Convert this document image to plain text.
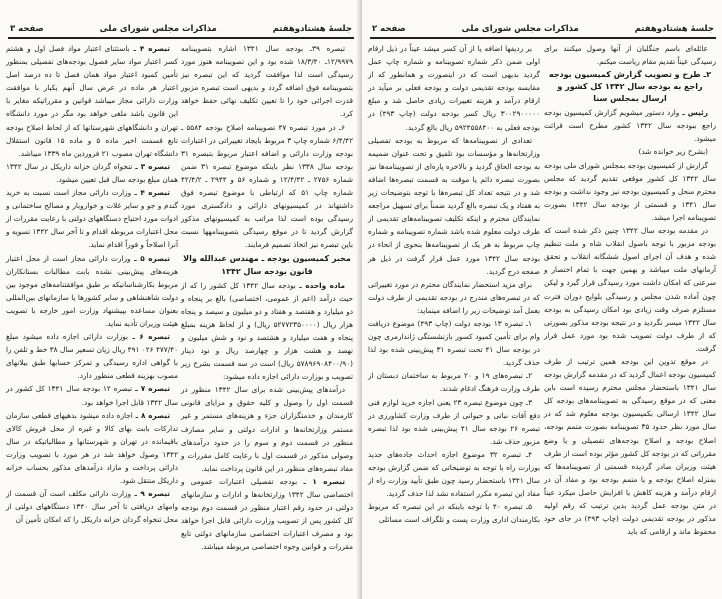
جلسهٔ هشتادوهفتم
مذاکرات مجلس شورای ملی
صفحه ۳

تبصره ۳۹ـ بودجه سال ۱۳۴۱ اشاره بتصویبنامه ۱۲/۹۹۷۹ـ ۱۸/۳/۴۰ شده بود و این تصویبنامه هنوز مورد رسیدگی است لذا موافقت گردید که این تبصره نیز بتصویبنامه فوق اضافه گردد و بدیهی است تبصره مزبور قدرت اجرائی خود را تا تعیین تکلیف نهائی حفظ خواهد کرد.

۶ـ در مورد تبصره ۴۷ تصویبنامه اصلاح بودجه ۵۵۸۴ ـ ۶/۴/۴۲ شماره چاپ ۳ مربوط بایجاد تغییراتی در اعتبارات بودجه وزارت دارائی و اضافه اعتبار مربوط بتبصره ۳۱ بودجه سال ۱۳۳۸ نظر باینکه موضوع تبصره ۳۱ ضمن شماره ۲۷۵۶ ـ ۱۲/۴/۴۲ و شماره ۵۶ و ۲۹۴۴ ـ ۴۲/۴/۲ شماره چاپ ۵۱ که ارتباطی با موضوع تبصره فوق داشتهاند در کمیسیونهای دارائی و دادگستری مورد رسیدگی بوده است لذا مراتب به کمیسیونهای مذکور گزارش گردید تا در موقع رسیدگی بتصویبنامهها نسبت باین تبصره نیز اتخاذ تصمیم فرمایند.

مخبر کمیسیون بودجه ـ مهندس عبدالله والا

قانون بودجه سال ۱۳۴۲

ماده واحده ـ بودجه سال ۱۳۴۲ کل کشور را که از حیث درآمد (اعم از عمومی، اختصاصی) بالغ بر پنجاه و دو میلیارد و هفتصد و هفتاد و دو میلیون و سیصد و پنجاه هزار ریال (۵۲۷۷۲۳۵۰۰۰۰ ریال) و از لحاظ هزینه بمبلغ پنجاه و هفت میلیارد و هشتصد و نود و شش میلیون و نهصد و هشت هزار و چهارصد ریال و نود دینار (۵۷۸۹۶۹۰۸۴۰۰/۹۰ ریال) است در سه قسمت بشرح زیر تصویب و بوزارت دارائی اجازه داده میشود:

درآمدهای پیش‌بینی شده برای سال ۱۳۴۲ منظور در قسمت اول را وصول و کلیه حقوق و مزایای قانونی کارمندان و خدمتگزاران جزء و هزینه‌های مستمر و غیر مستمر وزارتخانه‌ها و ادارات دولتی و سایر مصارف منظور در قسمت دوم و سوم را در حدود درآمدهای وصولی مذکور در قسمت اول با رعایت کامل مقررات و مفاد تبصره‌های منظور در این قانون پرداخت نماید.

تبصره ۱ ـ بودجه تفصیلی اعتبارات عمومی و اختصاصی سال ۱۳۴۲ وزارتخانه‌ها و ادارات و سازمانهای دولتی در حدود رقم اعتبار منظور در قسمت دوم بودجه کل کشور پس از تصویب وزارت دارائی قابل اجرا خواهد بود و مصرف اعتبارات اختصاصی سازمانهای دولتی تابع مقررات و قوانین وجوه اختصاصی مربوطه میباشد.

تبصره ۴ ـ باستثنای اعتبار مواد فصل اول و هشتم کسر اعتبار مواد سایر فصول بودجه‌های تفصیلی بمنظور تأمین کمبود اعتبار مواد همان فصل تا ده درصد اصل اعتبار هر ماده در عرض سال آنهم یکبار با موافقت وزارت دارائی مجاز میباشد قوانین و مقرراتیکه مغایر با این قانون باشد ملغی خواهد بود مگر در مورد دانشگاه تهران و دانشگاههای شهرستانها که از لحاظ اصلاح بودجه تابع قسمت اخیر ماده ۵ و ماده ۱۵ قانون استقلال دانشگاه تهران مصوب ۲۱ فروردین ماه ۱۳۳۹ میباشد.

تبصره ۳ ـ تنخواه گردان خزانه داریکل در سال ۱۳۴۲ همان مبلغ بودجه سال قبل تعیین میشود.

تبصره ۴ ـ وزارت دارائی مجاز است نسبت به خرید گندم و جو و سایر غلات و خواروبار و مصالح ساختمانی و ادوات مورد احتیاج دستگاههای دولتی با رعایت مقررات از محل اعتبارات مربوطه اقدام و تا آخر سال ۱۳۴۲ تسویه و آنرا اصلاحاً و فوراً اقدام نماید.

تبصره ۵ ـ وزارت دارائی مجاز است از محل اعتبار هزینه‌های پیش‌بینی نشده بابت مطالبات بستانکاران مربوط بکارشناسانیکه بر طبق موافقتنامه‌های موجود بین دولت شاهنشاهی و سایر کشورها یا سازمانهای بین‌المللی بعنوان مساعده بپیشنهاد وزارت امور خارجه با تصویب هیئت وزیران تأدیه نماید.

تبصره ۶ ـ بوزارت دارائی اجازه داده میشود مبلغ ۴۷۷/۴۰ ۰۲۶ ۴۹۱ ریال زیان تسعیر سال ۳۸ خط و تلفن را با گواهی اداره رسیدگی و تمرکز حسابها طبق بیلانهای مصوب بهزینه قطعی منظور دارد.

تبصره ۷ ـ تبصره ۱۲ بودجه سال ۱۳۴۱ کل کشور در سال ۱۳۴۲ قابل اجرا خواهد بود.

تبصره ۸ ـ اجازه داده میشود بدهیهای قطعی سازمان تدارکات بابت بهای کالا و غیره از محل فروش کالای باقیمانده در تهران و شهرستانها و مطالباتیکه در سال ۱۳۴۲ وصول خواهد شد در هر مورد با تصویب وزارت دارائی پرداخت و مازاد درآمدهای مذکور بحساب خزانه داریکل منتقل شود.

تبصره ۹ ـ وزارت دارائی مکلف است آن قسمت از وامهای دریافتی تا آخر سال ۱۳۴۰ دستگاههای دولتی از محل تنخواه گردان خزانه داریکل را که امکان تأمین آن

جلسهٔ هشتادوهفتم
مذاکرات مجلس شورای ملی
صفحه ۲

عائله‌ای باسم جنگلبان از آنها وصول میکنند برای رسیدگی عیناً تقدیم مقام ریاست میکنم.

۲ـ طرح و تصویب گزارش کمیسیون بودجه راجع به بودجه سال ۱۳۴۲ کل کشور و ارسال بمجلس سنا

رئیس ـ وارد دستور میشویم گزارش کمیسیون بودجه راجع ببودجه سال ۱۳۴۲ کشور مطرح است قرائت میشود.

(بشرح زیر خوانده شد)

گزارش از کمیسیون بودجه بمجلس شورای ملی بودجه سال ۱۳۴۲ کل کشور موقعی تقدیم گردید که مجلس محترم منحل و کمیسیون بودجه نیز وجود نداشت و بودجه سال ۱۳۴۱ و قسمتی از بودجه سال ۱۳۴۲ بصورت تصویبنامه اجرا میشد.

در مقدمه بودجه سال ۱۳۴۲ چنین ذکر شده است که بودجه مزبور با توجه باصول انقلاب شاه و ملت تنظیم شده و هدف آن اجرای اصول ششگانه انقلاب و تحقق آرمانهای ملت میباشد و بهمین جهت با تمام اختصار و سرعتی که امکان داشت مورد رسیدگی قرار گیرد و لیکن چون آماده شدن مجلس و رسیدگی بلوایح دوران فترت مستلزم صرف وقت زیادی بود امکان رسیدگی به بودجه سال ۱۳۴۲ میسر نگردید و در نتیجه بودجه مذکور بصورتی که از طرف دولت تصویب شده بود مورد عمل قرار گرفت.

در موقع تدوین این بودجه همین ترتیب از طرف کمیسیون بودجه اعمال گردید که در مقدمه گزارش بودجه سال ۱۳۴۱ باستحضار مجلس محترم رسیده است باین معنی که در موقع رسیدگی به تصویبنامه‌های بودجه کل سال ۱۳۴۲ ارسالی بکمیسیون بودجه معلوم شد که در سال مورد نظر حدود ۳۵ تصویبنامه بصورت متمم بودجه، اصلاح بودجه و اصلاح بودجه‌های تفصیلی و یا وضع مقرراتی که در بودجه کل کشور مؤثر بوده است از طرف هیئت وزیران صادر گردیده قسمتی از تصویبنامه‌ها که بمنزله اصلاح بودجه و یا متمم بودجه بود و مفاد آن در ارقام درآمد و هزینه کاهش یا افزایش حاصل میکرد عیناً در متن بودجه عمل گردید بدین ترتیب که رقم اولیه مذکور در بودجه تقدیمی دولت (چاپ ۴۹۳) در جای خود محفوظ ماند و ارقامی که باید

بر ردیفها اضافه یا از آن کسر میشد عیناً در ذیل ارقام اولی ضمن ذکر شماره تصویبنامه و شماره چاپ عمل گردید بدیهی است که در اینصورت و همانطور که از مقایسه بودجه تقدیمی دولت و بودجه فعلی بر میآید در ارقام درآمد و هزینه تغییرات زیادی حاصل شد و مبلغ ۳۰۰۲۹۰۰۰۰۰ ریال کسر بودجه دولت (چاپ ۴۹۳) در بودجه فعلی به ۵۹۲۴۵۵۸۴۰۰ ریال بالغ گردید.

تعدادی از تصویبنامه‌ها که مربوط به بودجه تفصیلی وزارتخانه‌ها و مؤسسات بود تلفیق و تحت عنوان ضمیمه به بودجه الحاق گردید و بالاخره پاره‌ای از تصویبنامه‌ها نیز بصورت تبصره دائم یا موقت به قسمت تبصره‌ها اضافه شد و در نتیجه تعداد کل تبصره‌ها با توجه بتوضیحات زیر به هفتاد و یک تبصره بالغ گردید ضمناً برای تسهیل مراجعه نمایندگان محترم و اینکه تکلیف تصویبنامه‌های تقدیمی از طرف دولت معلوم شده باشد شماره تصویبنامه و شماره چاپ مربوط به هر یک از تصویبنامه‌ها بنحوی از انحاء در بودجه سال ۱۳۴۲ مورد عمل قرار گرفت در ذیل هر صفحه درج گردید.

برای مزید استحضار نمایندگان محترم در مورد تغییراتی که در تبصره‌های مندرج در بودجه تقدیمی از طرف دولت بعمل آمد توضیحات زیر را اضافه مینماید:

۱ـ تبصره ۱۳ بودجه دولت (چاپ ۴۹۳) موضوع دریافت وام برای تأمین کمبود کسور بازنشستگی ژاندارمری چون در بودجه سال ۴۱ تحت تبصره ۳۱ پیش‌بینی شده بود لذا حذف گردید.

۲ـ تبصره‌های ۱۹ و ۲۰ مربوط به ساختمان دبستان از طرف وزارت فرهنگ ادغام شدند.

۳ـ چون موضوع تبصره ۲۳ یعنی اجازه خرید لوازم فنی دفع آفات نباتی و حیوانی از طرف وزارت کشاورزی در تبصره ۲۶ بودجه سال ۴۱ پیش‌بینی شده بود لذا تبصره مزبور حذف شد.

۴ـ تبصره ۳۲ موضوع اجازه احداث جاده‌های جدید بوزارت راه با توجه به توضیحاتی که ضمن گزارش بودجه سال ۱۳۴۱ باستحضار رسید چون طبق تأیید وزارت راه از مفاد این تبصره مکرر استفاده نشد لذا حذف گردید.

۵ـ تبصره ۴۰ با توجه باینکه در این تبصره که مربوط بکارمندان اداری وزارت پست و تلگراف است مسائلی
